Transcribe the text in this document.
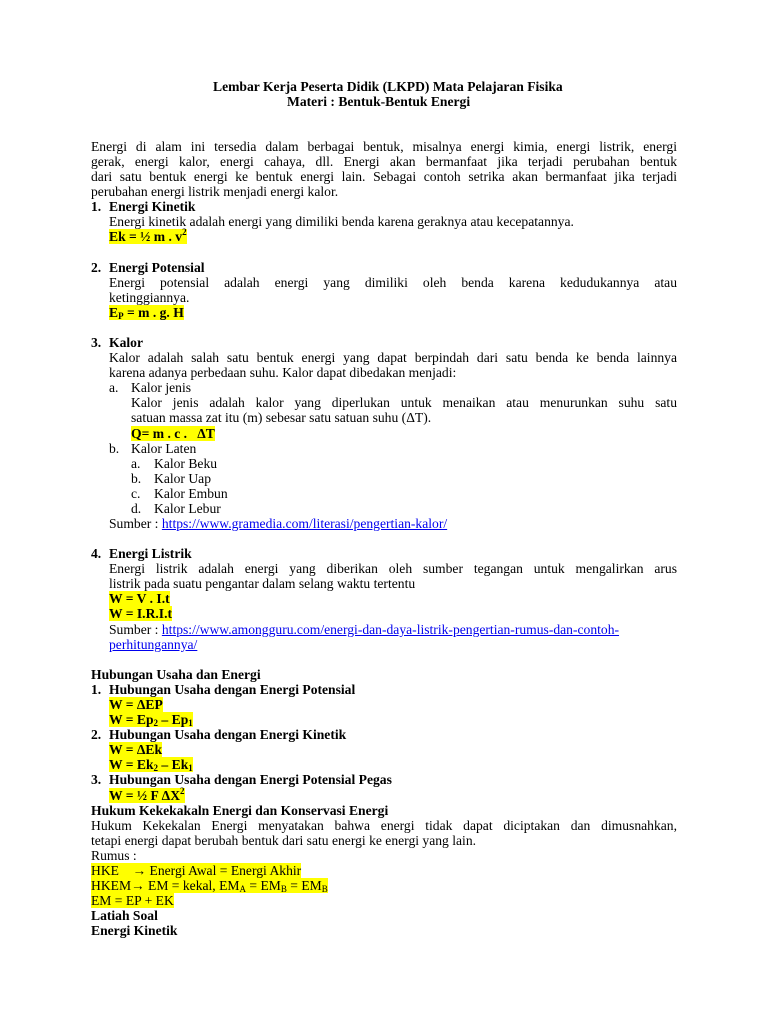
Lembar Kerja Peserta Didik (LKPD) Mata Pelajaran Fisika
Materi : Bentuk-Bentuk Energi
Energi di alam ini tersedia dalam berbagai bentuk, misalnya energi kimia, energi listrik, energi
gerak, energi kalor, energi cahaya, dll. Energi akan bermanfaat jika terjadi perubahan bentuk
dari satu bentuk energi ke bentuk energi lain. Sebagai contoh setrika akan bermanfaat jika terjadi
perubahan energi listrik menjadi energi kalor.
1. Energi Kinetik
Energi kinetik adalah energi yang dimiliki benda karena geraknya atau kecepatannya.
Ek = ½ m . $v^2$
2. Energi Potensial
Energi potensial adalah energi yang dimiliki oleh benda karena kedudukannya atau
ketinggiannya.
$E_P = m$ . g. H
3. Kalor
Kalor adalah salah satu bentuk energi yang dapat berpindah dari satu benda ke benda lainnya
karena adanya perbedaan suhu. Kalor dapat dibedakan menjadi:
a. Kalor jenis
Kalor jenis adalah kalor yang diperlukan untuk menaikan atau menurunkan suhu satu
satuan massa zat itu (m) sebesar satu satuan suhu (ΔT).
Q= m . c .   ΔT
b. Kalor Laten
a. Kalor Beku
b. Kalor Uap
c. Kalor Embun
d. Kalor Lebur
Sumber : https://www.gramedia.com/literasi/pengertian-kalor/
4. Energi Listrik
Energi listrik adalah energi yang diberikan oleh sumber tegangan untuk mengalirkan arus
listrik pada suatu pengantar dalam selang waktu tertentu
W = V . I.t
W = I.R.I.t
Sumber : https://www.amongguru.com/energi-dan-daya-listrik-pengertian-rumus-dan-contoh-
perhitungannya/
Hubungan Usaha dan Energi
1. Hubungan Usaha dengan Energi Potensial
W = ΔEP
$W = Ep_2 - Ep_1$
2. Hubungan Usaha dengan Energi Kinetik
W = ΔEk
$W = Ek_2 - Ek_1$
3. Hubungan Usaha dengan Energi Potensial Pegas
W = ½ F $\Delta X^2$
Hukum Kekekakaln Energi dan Konservasi Energi
Hukum Kekekalan Energi menyatakan bahwa energi tidak dapat diciptakan dan dimusnahkan,
tetapi energi dapat berubah bentuk dari satu energi ke energi yang lain.
Rumus :
HKE    → Energi Awal = Energi Akhir
HKEM→ EM = kekal, $EM_A = EM_B = EM_B$
EM = EP + EK
Latiah Soal
Energi Kinetik
